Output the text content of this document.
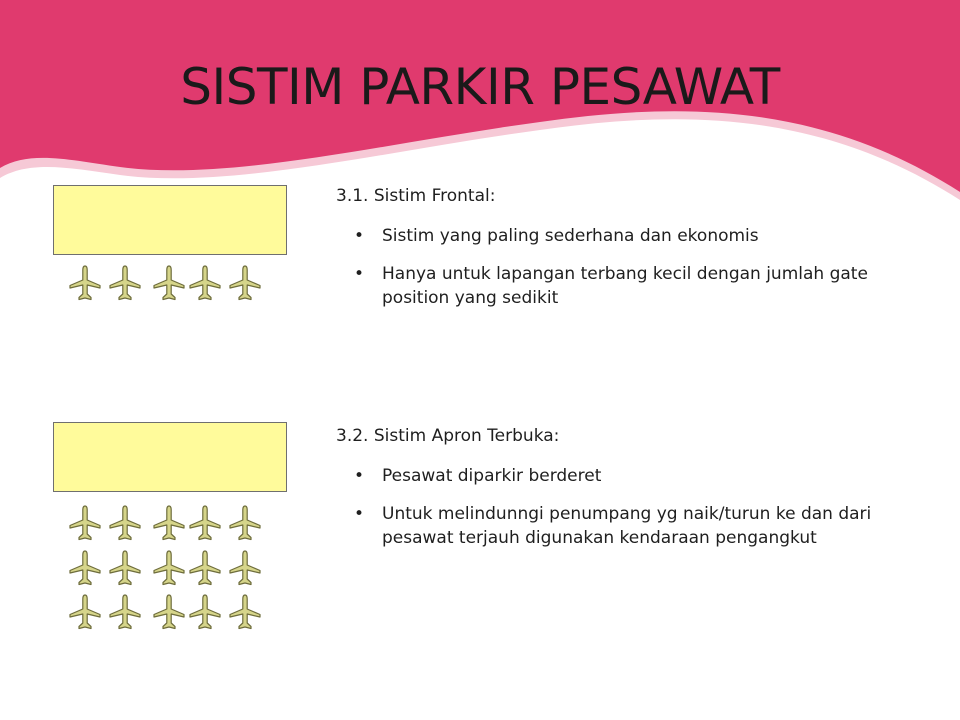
SISTIM PARKIR PESAWAT
3.1. Sistim Frontal:
• Sistim yang paling sederhana dan ekonomis
• Hanya untuk lapangan terbang kecil dengan jumlah gate position yang sedikit
3.2. Sistim Apron Terbuka:
• Pesawat diparkir berderet
• Untuk melindunngi penumpang yg naik/turun ke dan dari pesawat terjauh digunakan kendaraan pengangkut
